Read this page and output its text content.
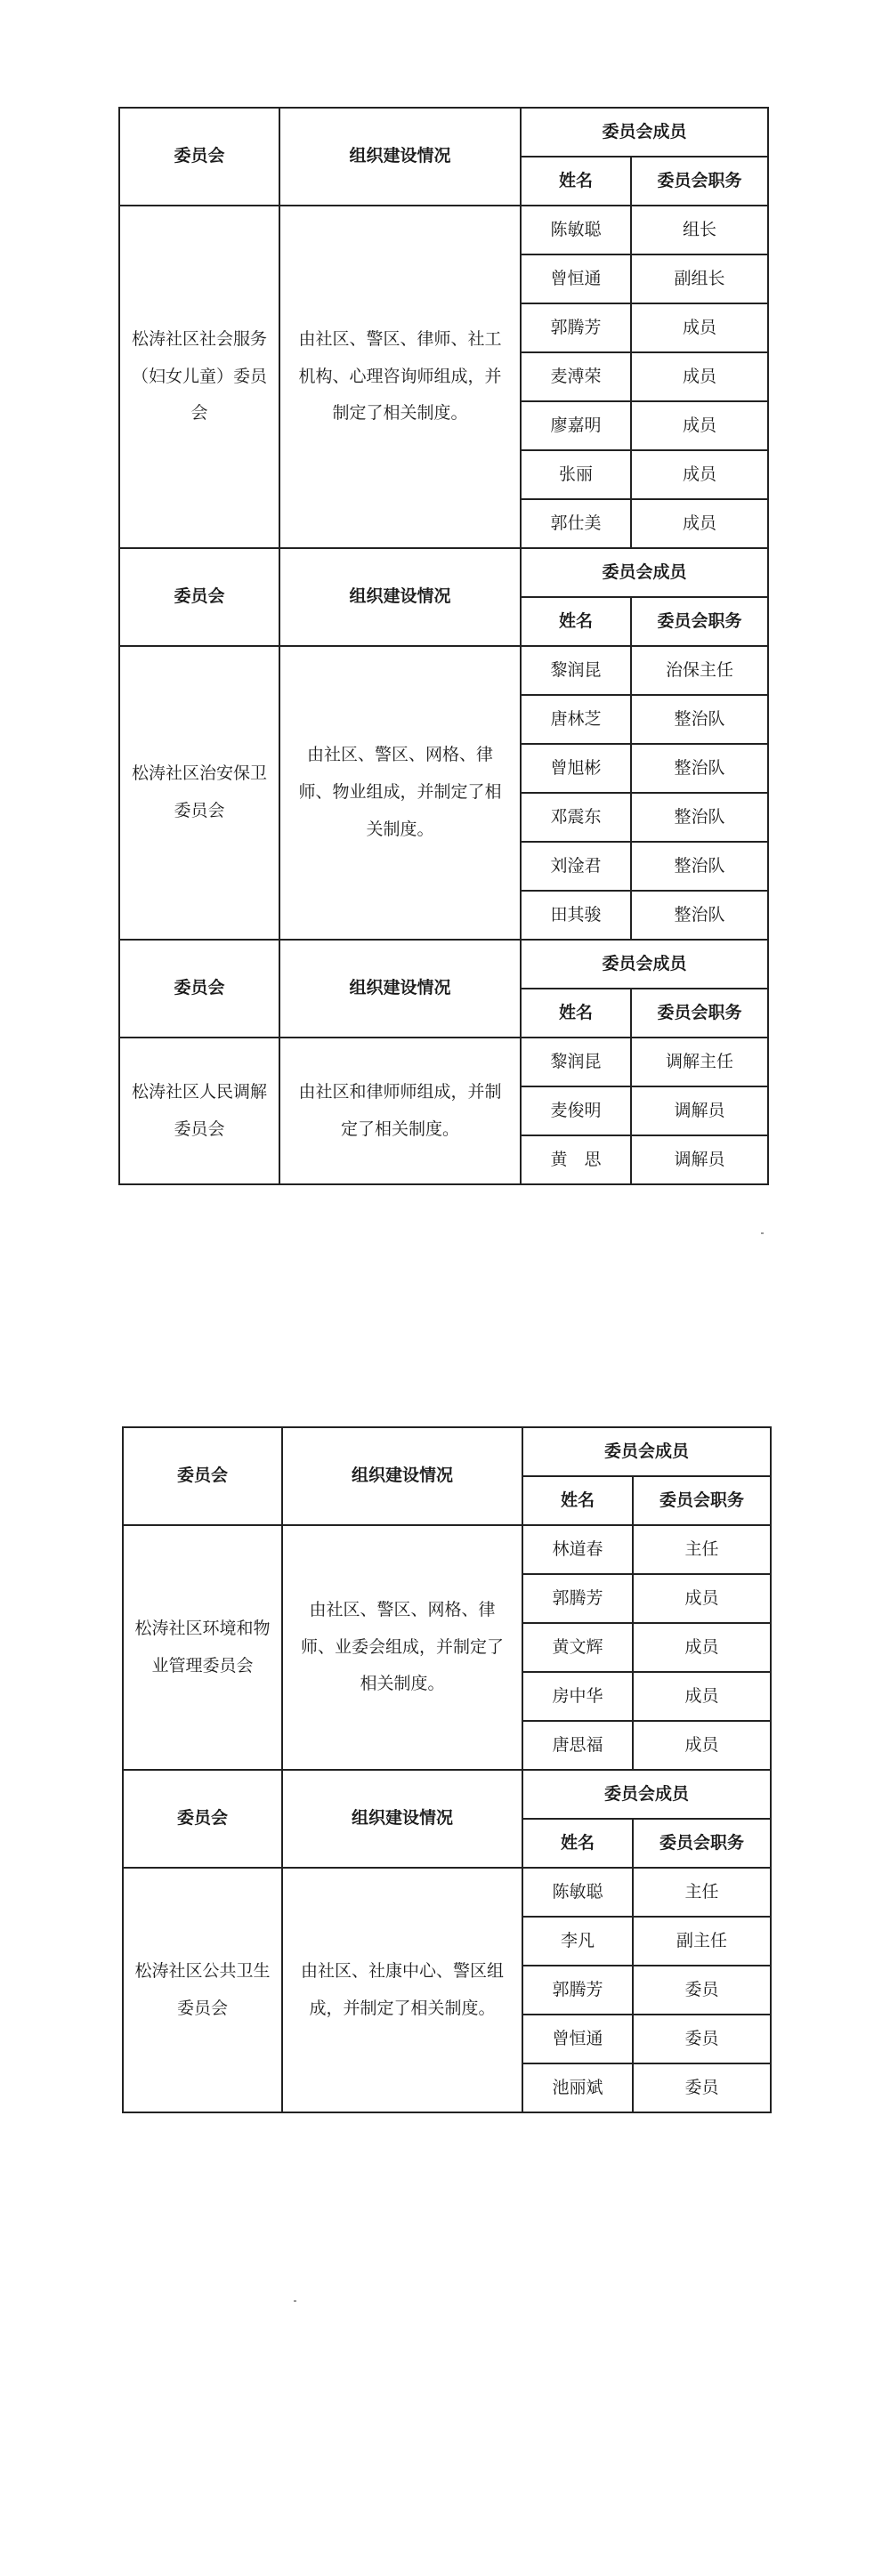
委员会	组织建设情况	委员会成员	
		姓名	委员会职务
松涛社区社会服务（妇女儿童）委员会	由社区、警区、律师、社工机构、心理咨询师组成，并制定了相关制度。	陈敏聪	组长
		曾恒通	副组长
		郭腾芳	成员
		麦溥荣	成员
		廖嘉明	成员
		张丽	成员
		郭仕美	成员
委员会	组织建设情况	委员会成员	
		姓名	委员会职务
松涛社区治安保卫委员会	由社区、警区、网格、律师、物业组成，并制定了相关制度。	黎润昆	治保主任
		唐林芝	整治队
		曾旭彬	整治队
		邓震东	整治队
		刘淦君	整治队
		田其骏	整治队
委员会	组织建设情况	委员会成员	
		姓名	委员会职务
松涛社区人民调解委员会	由社区和律师师组成，并制定了相关制度。	黎润昆	调解主任
		麦俊明	调解员
		黄　思	调解员
委员会	组织建设情况	委员会成员	
		姓名	委员会职务
松涛社区环境和物业管理委员会	由社区、警区、网格、律师、业委会组成，并制定了相关制度。	林道春	主任
		郭腾芳	成员
		黄文辉	成员
		房中华	成员
		唐思福	成员
委员会	组织建设情况	委员会成员	
		姓名	委员会职务
松涛社区公共卫生委员会	由社区、社康中心、警区组成，并制定了相关制度。	陈敏聪	主任
		李凡	副主任
		郭腾芳	委员
		曾恒通	委员
		池丽斌	委员
